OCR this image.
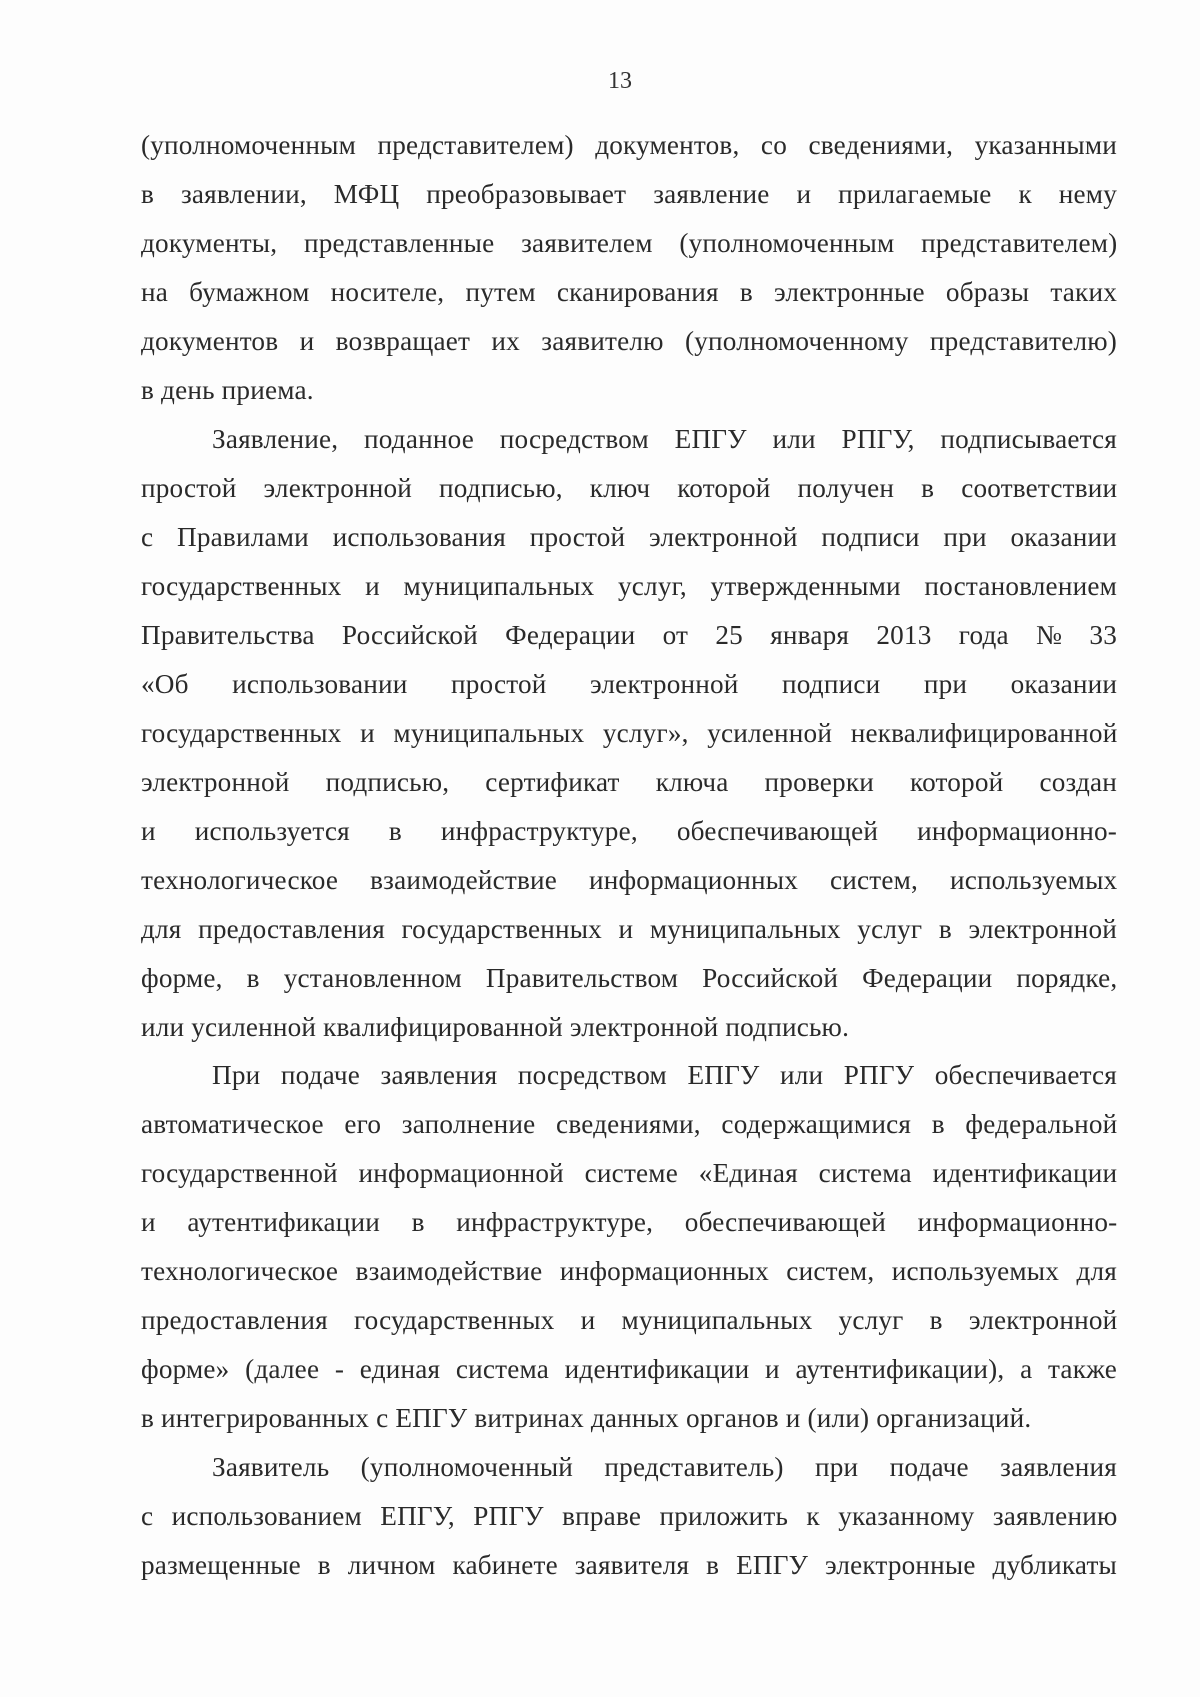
13
(уполномоченным представителем) документов, со сведениями, указанными
в заявлении, МФЦ преобразовывает заявление и прилагаемые к нему
документы, представленные заявителем (уполномоченным представителем)
на бумажном носителе, путем сканирования в электронные образы таких
документов и возвращает их заявителю (уполномоченному представителю)
в день приема.
Заявление, поданное посредством ЕПГУ или РПГУ, подписывается
простой электронной подписью, ключ которой получен в соответствии
с Правилами использования простой электронной подписи при оказании
государственных и муниципальных услуг, утвержденными постановлением
Правительства Российской Федерации от 25 января 2013 года № 33
«Об использовании простой электронной подписи при оказании
государственных и муниципальных услуг», усиленной неквалифицированной
электронной подписью, сертификат ключа проверки которой создан
и используется в инфраструктуре, обеспечивающей информационно-
технологическое взаимодействие информационных систем, используемых
для предоставления государственных и муниципальных услуг в электронной
форме, в установленном Правительством Российской Федерации порядке,
или усиленной квалифицированной электронной подписью.
При подаче заявления посредством ЕПГУ или РПГУ обеспечивается
автоматическое его заполнение сведениями, содержащимися в федеральной
государственной информационной системе «Единая система идентификации
и аутентификации в инфраструктуре, обеспечивающей информационно-
технологическое взаимодействие информационных систем, используемых для
предоставления государственных и муниципальных услуг в электронной
форме» (далее - единая система идентификации и аутентификации), а также
в интегрированных с ЕПГУ витринах данных органов и (или) организаций.
Заявитель (уполномоченный представитель) при подаче заявления
с использованием ЕПГУ, РПГУ вправе приложить к указанному заявлению
размещенные в личном кабинете заявителя в ЕПГУ электронные дубликаты
